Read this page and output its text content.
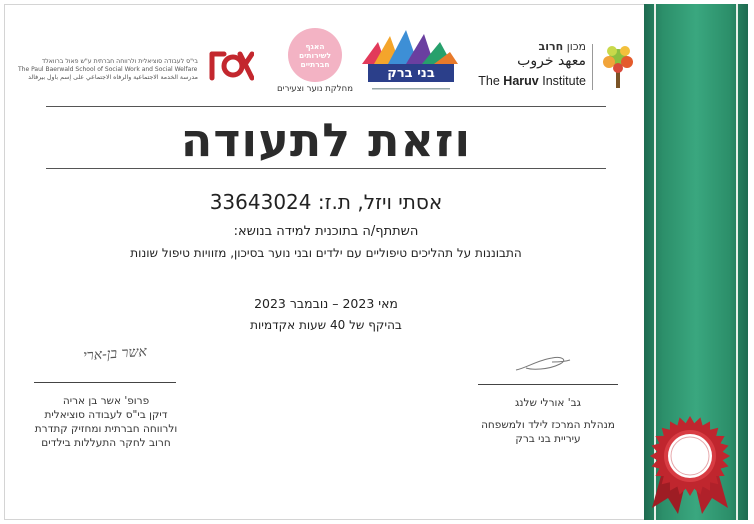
בי"ס לעבודה סוציאלית ולרווחה חברתית ע"ש פאול ברוואלד
The Paul Baerwald School of Social Work and Social Welfare
مدرسة الخدمة الاجتماعية والرفاه الاجتماعي على إسم باول بيرفالد
האגף
לשירותים
חברתיים
מחלקת נוער וצעירים
בני ברק
מכון חרוב
معهد خروب
The Haruv Institute
וזאת לתעודה
אסתי ויזל, ת.ז: 33643024
השתתף/ה בתוכנית למידה בנושא:
התבוננות על תהליכים טיפוליים עם ילדים ובני נוער בסיכון, מזוויות טיפול שונות
מאי 2023 – נובמבר 2023
בהיקף של 40 שעות אקדמיות
אשר בן-ארי
פרופ' אשר בן אריה
דיקן בי"ס לעבודה סוציאלית
ולרווחה חברתית ומחזיק קתדרת
חרוב לחקר התעללות בילדים
גב' אורלי שלנג
מנהלת המרכז לילד ולמשפחה
עיריית בני ברק
